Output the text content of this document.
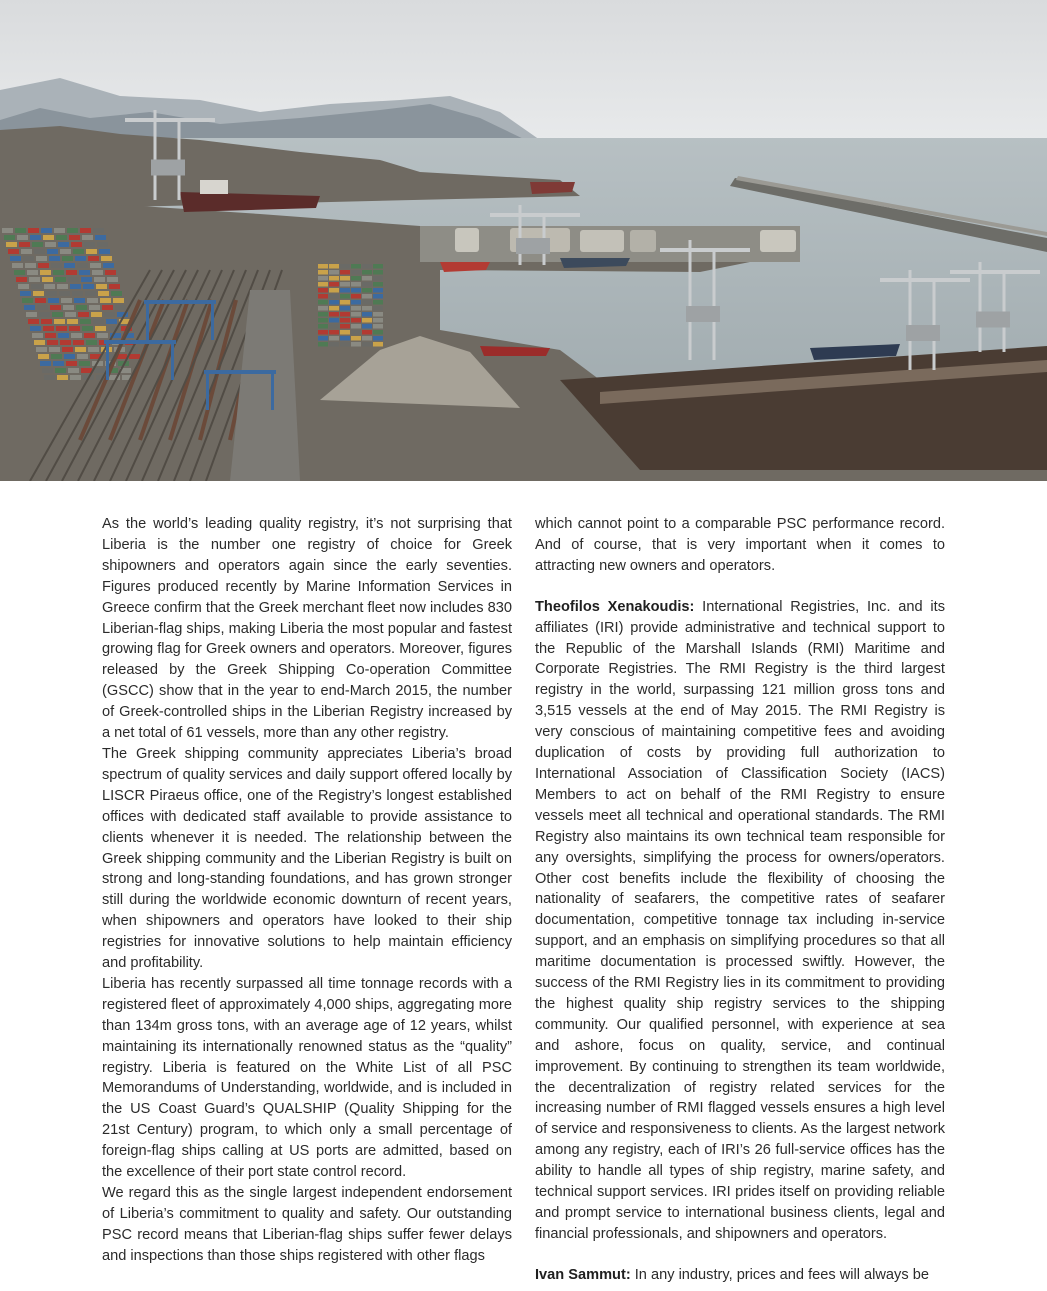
As the world’s leading quality registry, it’s not surprising that Liberia is the number one registry of choice for Greek shipowners and operators again since the early seventies. Figures produced recently by Marine Information Services in Greece confirm that the Greek merchant fleet now includes 830 Liberian-flag ships, making Liberia the most popular and fastest growing flag for Greek owners and operators. Moreover, figures released by the Greek Shipping Co-operation Committee (GSCC) show that in the year to end-March 2015, the number of Greek-controlled ships in the Liberian Registry increased by a net total of 61 vessels, more than any other registry.

The Greek shipping community appreciates Liberia’s broad spectrum of quality services and daily support offered locally by LISCR Piraeus office, one of the Registry’s longest established offices with dedicated staff available to provide assistance to clients whenever it is needed. The relationship between the Greek shipping community and the Liberian Registry is built on strong and long-standing foundations, and has grown stronger still during the worldwide economic downturn of recent years, when shipowners and operators have looked to their ship registries for innovative solutions to help maintain efficiency and profitability.

Liberia has recently surpassed all time tonnage records with a registered fleet of approximately 4,000 ships, aggregating more than 134m gross tons, with an average age of 12 years, whilst maintaining its internationally renowned status as the “quality” registry. Liberia is featured on the White List of all PSC Memorandums of Understanding, worldwide, and is included in the US Coast Guard’s QUALSHIP (Quality Shipping for the 21st Century) program, to which only a small percentage of foreign-flag ships calling at US ports are admitted, based on the excellence of their port state control record.

We regard this as the single largest independent endorsement of Liberia’s commitment to quality and safety. Our outstanding PSC record means that Liberian-flag ships suffer fewer delays and inspections than those ships registered with other flags

which cannot point to a comparable PSC performance record. And of course, that is very important when it comes to attracting new owners and operators.

Theofilos Xenakoudis: International Registries, Inc. and its affiliates (IRI) provide administrative and technical support to the Republic of the Marshall Islands (RMI) Maritime and Corporate Registries. The RMI Registry is the third largest registry in the world, surpassing 121 million gross tons and 3,515 vessels at the end of May 2015. The RMI Registry is very conscious of maintaining competitive fees and avoiding duplication of costs by providing full authorization to International Association of Classification Society (IACS) Members to act on behalf of the RMI Registry to ensure vessels meet all technical and operational standards. The RMI Registry also maintains its own technical team responsible for any oversights, simplifying the process for owners/operators. Other cost benefits include the flexibility of choosing the nationality of seafarers, the competitive rates of seafarer documentation, competitive tonnage tax including in-service support, and an emphasis on simplifying procedures so that all maritime documentation is processed swiftly. However, the success of the RMI Registry lies in its commitment to providing the highest quality ship registry services to the shipping community. Our qualified personnel, with experience at sea and ashore, focus on quality, service, and continual improvement. By continuing to strengthen its team worldwide, the decentralization of registry related services for the increasing number of RMI flagged vessels ensures a high level of service and responsiveness to clients. As the largest network among any registry, each of IRI’s 26 full-service offices has the ability to handle all types of ship registry, marine safety, and technical support services. IRI prides itself on providing reliable and prompt service to international business clients, legal and financial professionals, and shipowners and operators.

Ivan Sammut: In any industry, prices and fees will always be
